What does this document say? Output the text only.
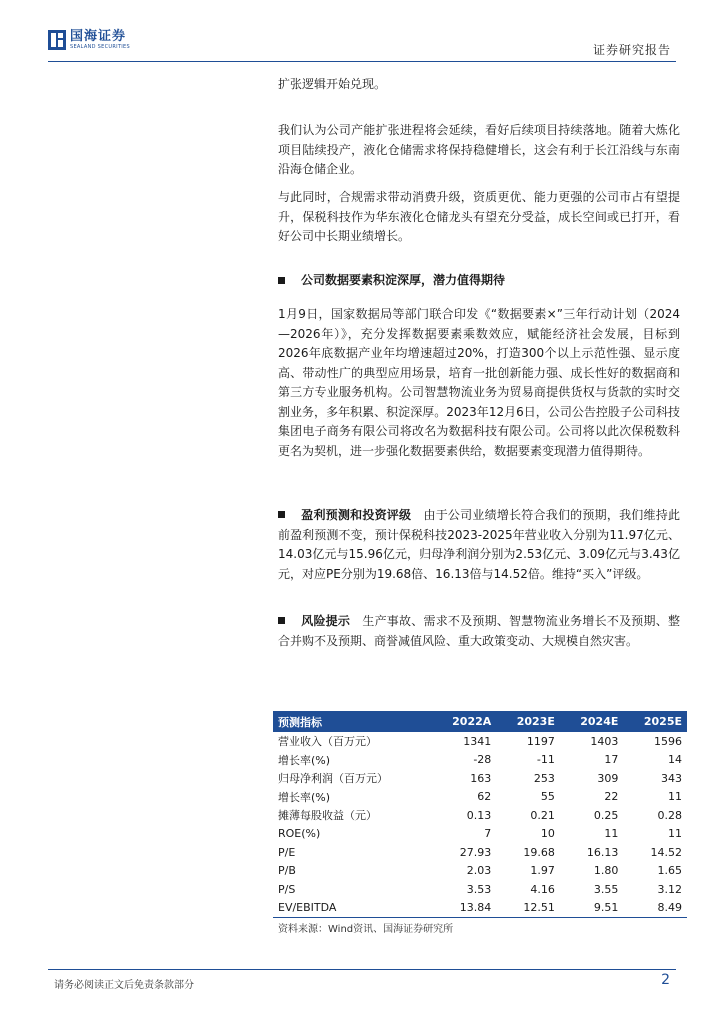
国海证券
SEALAND SECURITIES	证券研究报告

扩张逻辑开始兑现。

我们认为公司产能扩张进程将会延续，看好后续项目持续落地。随着大炼化项目陆续投产，液化仓储需求将保持稳健增长，这会有利于长江沿线与东南沿海仓储企业。

与此同时，合规需求带动消费升级，资质更优、能力更强的公司市占有望提升，保税科技作为华东液化仓储龙头有望充分受益，成长空间或已打开，看好公司中长期业绩增长。

公司数据要素积淀深厚，潜力值得期待

1月9日，国家数据局等部门联合印发《“数据要素×”三年行动计划（2024—2026年）》，充分发挥数据要素乘数效应，赋能经济社会发展，目标到2026年底数据产业年均增速超过20%，打造300个以上示范性强、显示度高、带动性广的典型应用场景，培育一批创新能力强、成长性好的数据商和第三方专业服务机构。公司智慧物流业务为贸易商提供货权与货款的实时交割业务，多年积累、积淀深厚。2023年12月6日，公司公告控股子公司科技集团电子商务有限公司将改名为数据科技有限公司。公司将以此次保税数科更名为契机，进一步强化数据要素供给，数据要素变现潜力值得期待。

盈利预测和投资评级　 由于公司业绩增长符合我们的预期，我们维持此前盈利预测不变，预计保税科技2023-2025年营业收入分别为11.97亿元、14.03亿元与15.96亿元，归母净利润分别为2.53亿元、3.09亿元与3.43亿元，对应PE分别为19.68倍、16.13倍与14.52倍。维持“买入”评级。

风险提示　 生产事故、需求不及预期、智慧物流业务增长不及预期、整合并购不及预期、商誉减值风险、重大政策变动、大规模自然灾害。

预测指标	2022A	2023E	2024E	2025E
营业收入（百万元）	1341	1197	1403	1596
增长率(%)	-28	-11	17	14
归母净利润（百万元）	163	253	309	343
增长率(%)	62	55	22	11
摊薄每股收益（元）	0.13	0.21	0.25	0.28
ROE(%)	7	10	11	11
P/E	27.93	19.68	16.13	14.52
P/B	2.03	1.97	1.80	1.65
P/S	3.53	4.16	3.55	3.12
EV/EBITDA	13.84	12.51	9.51	8.49
资料来源：Wind资讯、国海证券研究所
请务必阅读正文后免责条款部分	2
